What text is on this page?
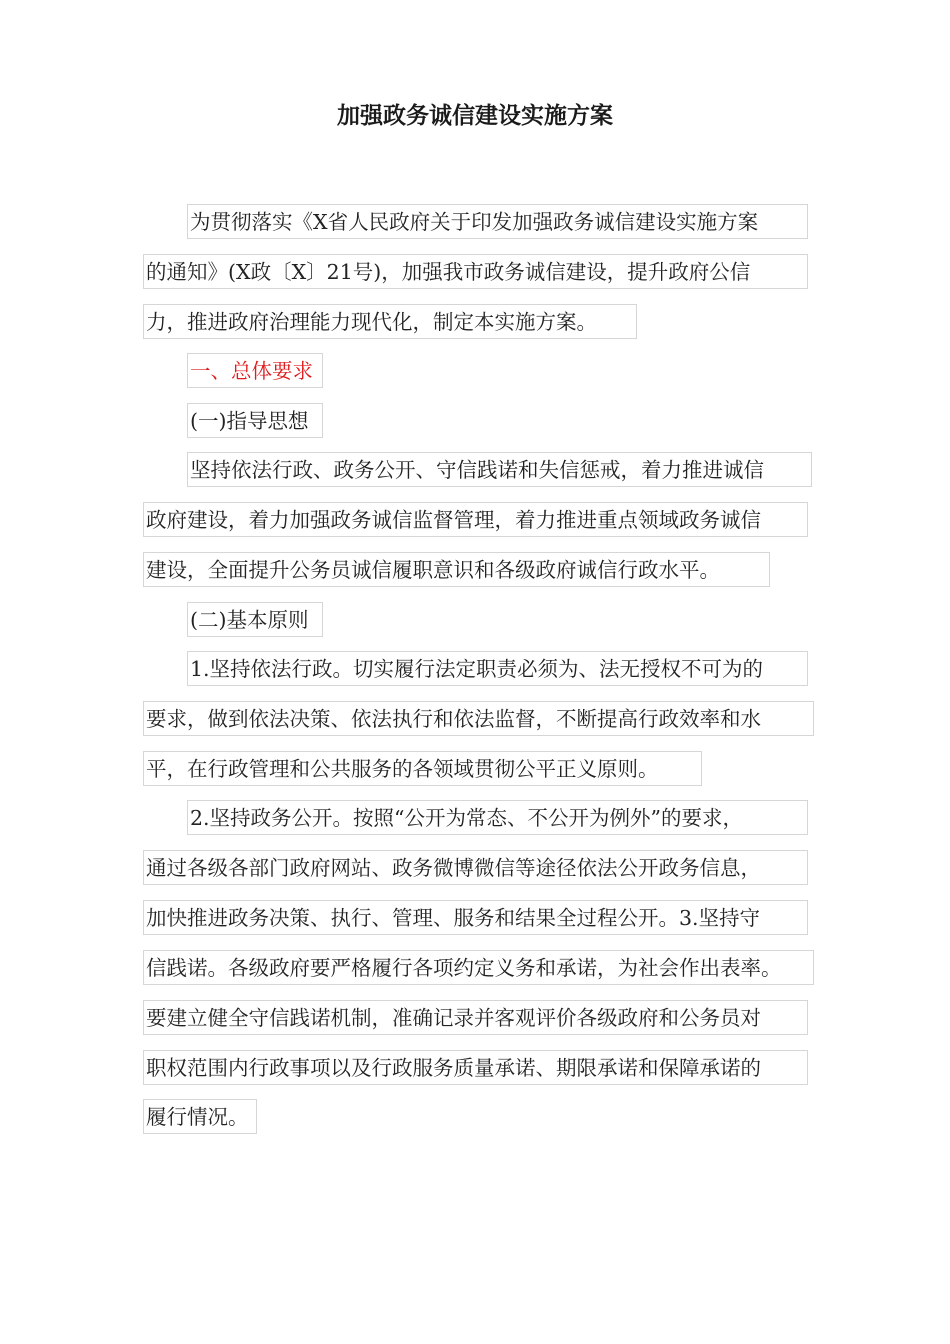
加强政务诚信建设实施方案
为贯彻落实《X省人民政府关于印发加强政务诚信建设实施方案
的通知》(X政〔X〕21号)，加强我市政务诚信建设，提升政府公信
力，推进政府治理能力现代化，制定本实施方案。
一、总体要求
(一)指导思想
坚持依法行政、政务公开、守信践诺和失信惩戒，着力推进诚信
政府建设，着力加强政务诚信监督管理，着力推进重点领域政务诚信
建设，全面提升公务员诚信履职意识和各级政府诚信行政水平。
(二)基本原则
1.坚持依法行政。切实履行法定职责必须为、法无授权不可为的
要求，做到依法决策、依法执行和依法监督，不断提高行政效率和水
平，在行政管理和公共服务的各领域贯彻公平正义原则。
2.坚持政务公开。按照“公开为常态、不公开为例外”的要求，
通过各级各部门政府网站、政务微博微信等途径依法公开政务信息，
加快推进政务决策、执行、管理、服务和结果全过程公开。3.坚持守
信践诺。各级政府要严格履行各项约定义务和承诺，为社会作出表率。
要建立健全守信践诺机制，准确记录并客观评价各级政府和公务员对
职权范围内行政事项以及行政服务质量承诺、期限承诺和保障承诺的
履行情况。
